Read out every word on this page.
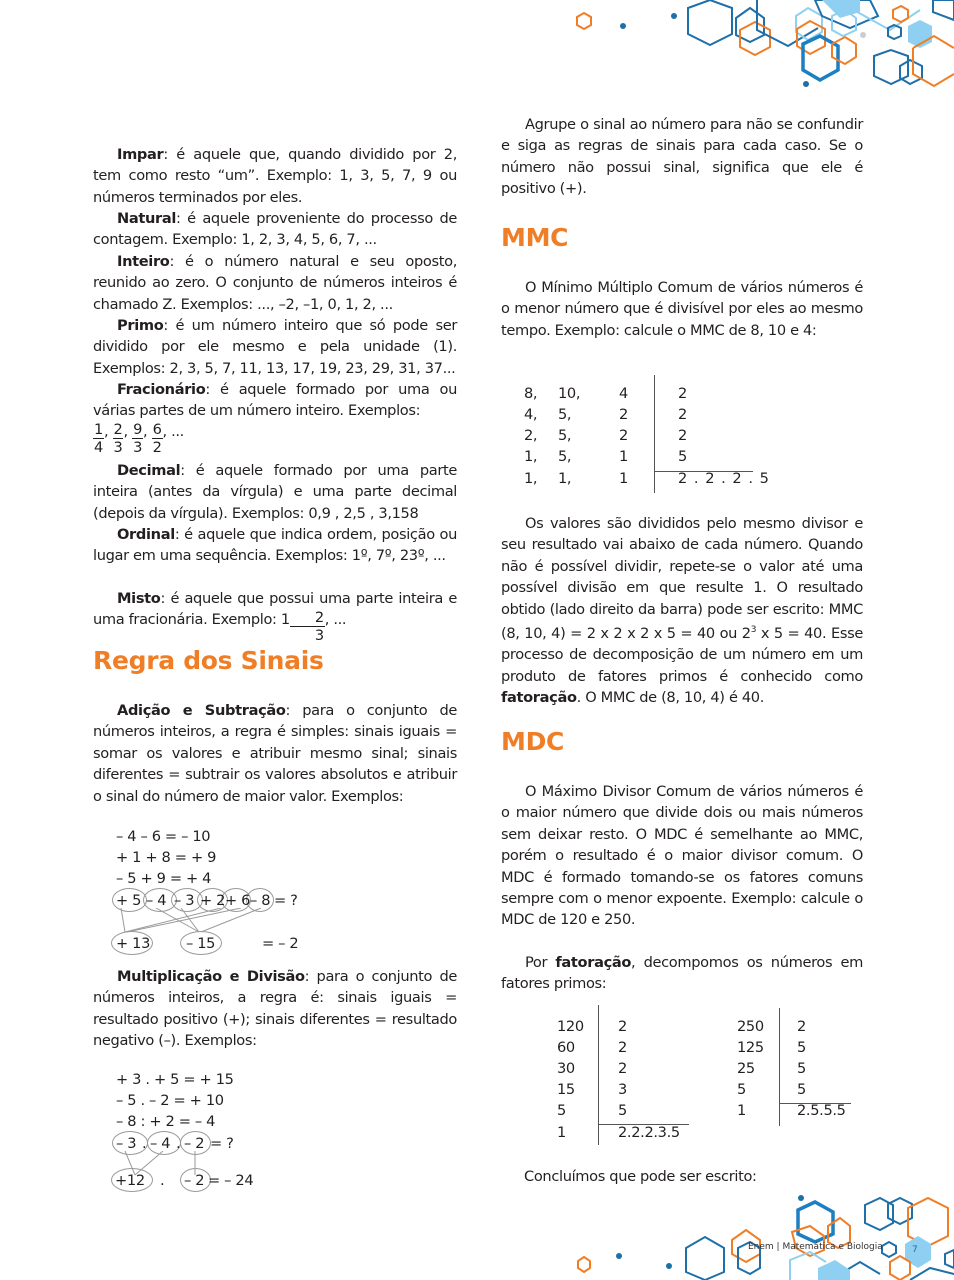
Impar: é aquele que, quando dividido por 2, tem como resto “um”. Exemplo: 1, 3, 5, 7, 9 ou números terminados por eles.

Natural: é aquele proveniente do processo de contagem. Exemplo: 1, 2, 3, 4, 5, 6, 7, ...

Inteiro: é o número natural e seu oposto, reunido ao zero. O conjunto de números inteiros é chamado Z. Exemplos: ..., –2, –1, 0, 1, 2, ...

Primo: é um número inteiro que só pode ser dividido por ele mesmo e pela unidade (1). Exemplos: 2, 3, 5, 7, 11, 13, 17, 19, 23, 29, 31, 37...

Fracionário: é aquele formado por uma ou várias partes de um número inteiro. Exemplos:

$\frac{1}{4}$ , $\frac{2}{3}$ , $\frac{9}{3}$ , $\frac{6}{2}$ , ...

Decimal: é aquele formado por uma parte inteira (antes da vírgula) e uma parte decimal (depois da vírgula). Exemplos: 0,9 , 2,5 , 3,158

Ordinal: é aquele que indica ordem, posição ou lugar em uma sequência. Exemplos: 1º, 7º, 23º, ...

Misto: é aquele que possui uma parte inteira e uma fracionária. Exemplo: $1 \frac{2}{3}$ , ...

Regra dos Sinais

Adição e Subtração: para o conjunto de números inteiros, a regra é simples: sinais iguais = somar os valores e atribuir mesmo sinal; sinais diferentes = subtrair os valores absolutos e atribuir o sinal do número de maior valor. Exemplos:

– 4 – 6 = – 10
+ 1 + 8 = + 9
– 5 + 9 = + 4
+ 5 – 4 – 3 + 2+ 6– 8 = ?
+ 13 – 15	= – 2

Multiplicação e Divisão: para o conjunto de números inteiros, a regra é: sinais iguais = resultado positivo (+); sinais diferentes = resultado negativo (–). Exemplos:

+ 3 . + 5 = + 15
– 5 . – 2 = + 10
– 8 : + 2 = – 4
– 3 . – 4 . – 2 = ?
+12 . – 2 = – 24

Agrupe o sinal ao número para não se confundir e siga as regras de sinais para cada caso. Se o número não possui sinal, significa que ele é positivo (+).

MMC

O Mínimo Múltiplo Comum de vários números é o menor número que é divisível por eles ao mesmo tempo. Exemplo: calcule o MMC de 8, 10 e 4:

8, 10,	4	2
4, 5,	2	2
2, 5,	2	2
1, 5,	1	5
1, 1,	1	2 . 2 . 2 . 5

Os valores são divididos pelo mesmo divisor e seu resultado vai abaixo de cada número. Quando não é possível dividir, repete-se o valor até uma possível divisão em que resulte 1. O resultado obtido (lado direito da barra) pode ser escrito: MMC (8, 10, 4) = 2 x 2 x 2 x 5 = 40 ou $2^3$ x 5 = 40. Esse processo de decomposição de um número em um produto de fatores primos é conhecido como fatoração. O MMC de (8, 10, 4) é 40.

MDC

O Máximo Divisor Comum de vários números é o maior número que divide dois ou mais números sem deixar resto. O MDC é semelhante ao MMC, porém o resultado é o maior divisor comum. O MDC é formado tomando-se os fatores comuns sempre com o menor expoente. Exemplo: calcule o MDC de 120 e 250.

Por fatoração, decompomos os números em fatores primos:

120 2
60	2
30	2
15	3
5	5
1	2.2.2.3.5
250 2
125 5
25	5
5	5
1	2.5.5.5

Concluímos que pode ser escrito:

Enem | Matemática e Biologia	7
